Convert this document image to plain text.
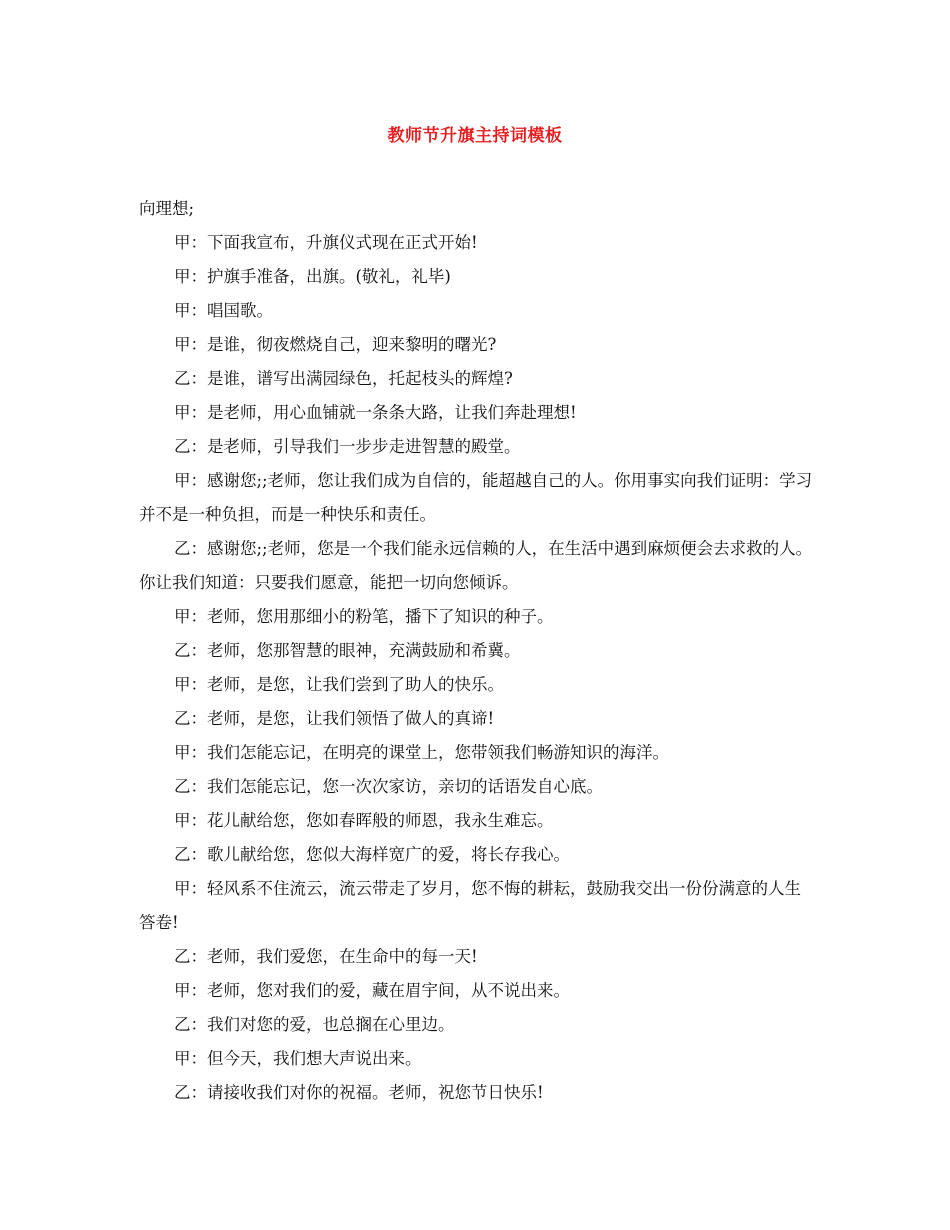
教师节升旗主持词模板

向理想;

甲：下面我宣布，升旗仪式现在正式开始!

甲：护旗手准备，出旗。(敬礼，礼毕)

甲：唱国歌。

甲：是谁，彻夜燃烧自己，迎来黎明的曙光?

乙：是谁，谱写出满园绿色，托起枝头的辉煌?

甲：是老师，用心血铺就一条条大路，让我们奔赴理想!

乙：是老师，引导我们一步步走进智慧的殿堂。

甲：感谢您;;老师，您让我们成为自信的，能超越自己的人。你用事实向我们证明：学习并不是一种负担，而是一种快乐和责任。

乙：感谢您;;老师，您是一个我们能永远信赖的人，在生活中遇到麻烦便会去求救的人。你让我们知道：只要我们愿意，能把一切向您倾诉。

甲：老师，您用那细小的粉笔，播下了知识的种子。

乙：老师，您那智慧的眼神，充满鼓励和希冀。

甲：老师，是您，让我们尝到了助人的快乐。

乙：老师，是您，让我们领悟了做人的真谛!

甲：我们怎能忘记，在明亮的课堂上，您带领我们畅游知识的海洋。

乙：我们怎能忘记，您一次次家访，亲切的话语发自心底。

甲：花儿献给您，您如春晖般的师恩，我永生难忘。

乙：歌儿献给您，您似大海样宽广的爱，将长存我心。

甲：轻风系不住流云，流云带走了岁月，您不悔的耕耘，鼓励我交出一份份满意的人生答卷!

乙：老师，我们爱您，在生命中的每一天!

甲：老师，您对我们的爱，藏在眉宇间，从不说出来。

乙：我们对您的爱，也总搁在心里边。

甲：但今天，我们想大声说出来。

乙：请接收我们对你的祝福。老师，祝您节日快乐!
